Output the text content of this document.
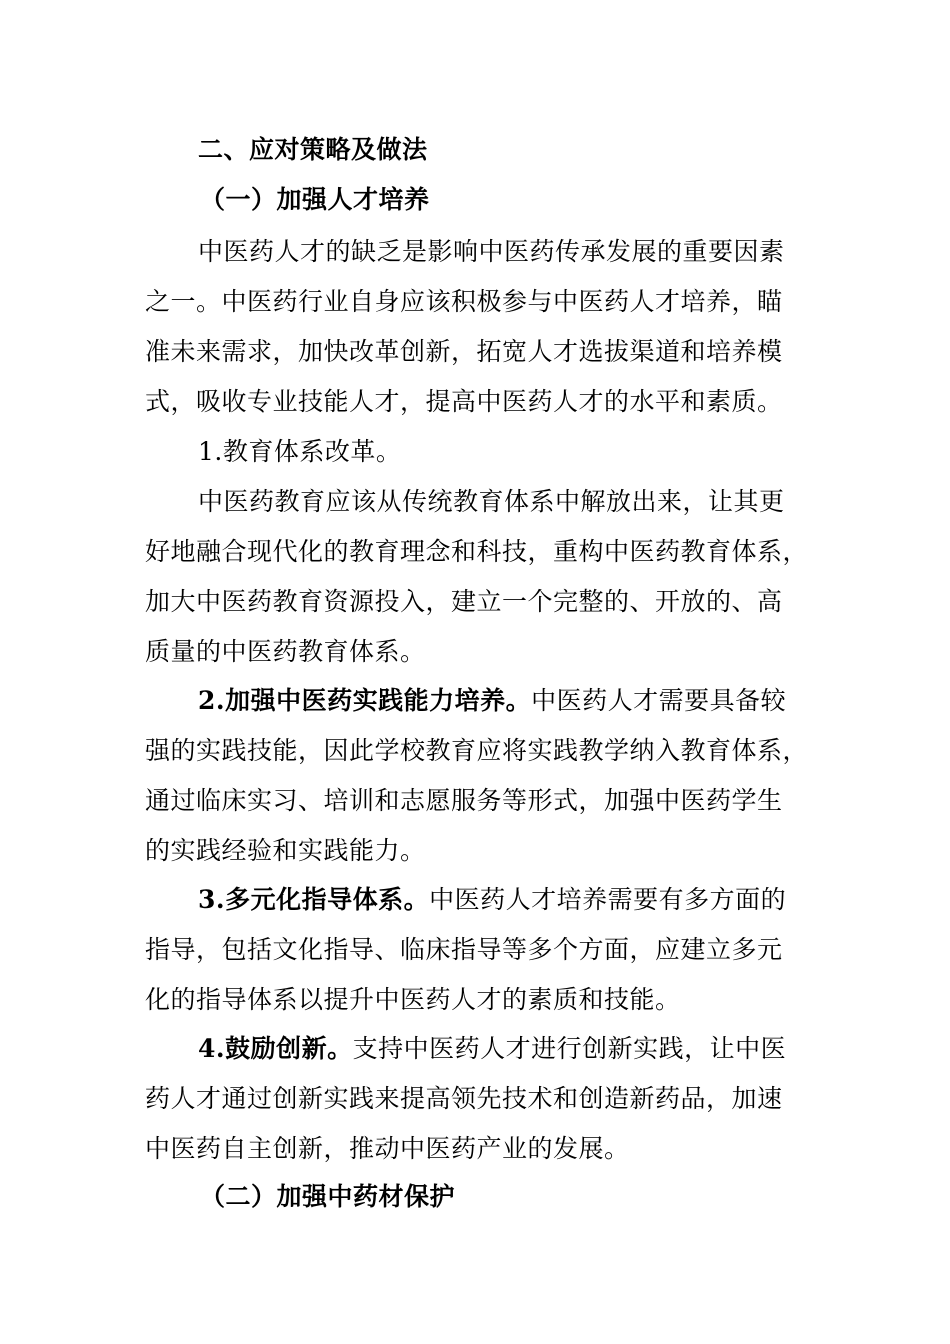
二、应对策略及做法
（一）加强人才培养
中医药人才的缺乏是影响中医药传承发展的重要因素
之一。中医药行业自身应该积极参与中医药人才培养，瞄
准未来需求，加快改革创新，拓宽人才选拔渠道和培养模
式，吸收专业技能人才，提高中医药人才的水平和素质。
1.教育体系改革。
中医药教育应该从传统教育体系中解放出来，让其更
好地融合现代化的教育理念和科技，重构中医药教育体系，
加大中医药教育资源投入，建立一个完整的、开放的、高
质量的中医药教育体系。
2.加强中医药实践能力培养。中医药人才需要具备较
强的实践技能，因此学校教育应将实践教学纳入教育体系，
通过临床实习、培训和志愿服务等形式，加强中医药学生
的实践经验和实践能力。
3.多元化指导体系。中医药人才培养需要有多方面的
指导，包括文化指导、临床指导等多个方面，应建立多元
化的指导体系以提升中医药人才的素质和技能。
4.鼓励创新。支持中医药人才进行创新实践，让中医
药人才通过创新实践来提高领先技术和创造新药品，加速
中医药自主创新，推动中医药产业的发展。
（二）加强中药材保护
